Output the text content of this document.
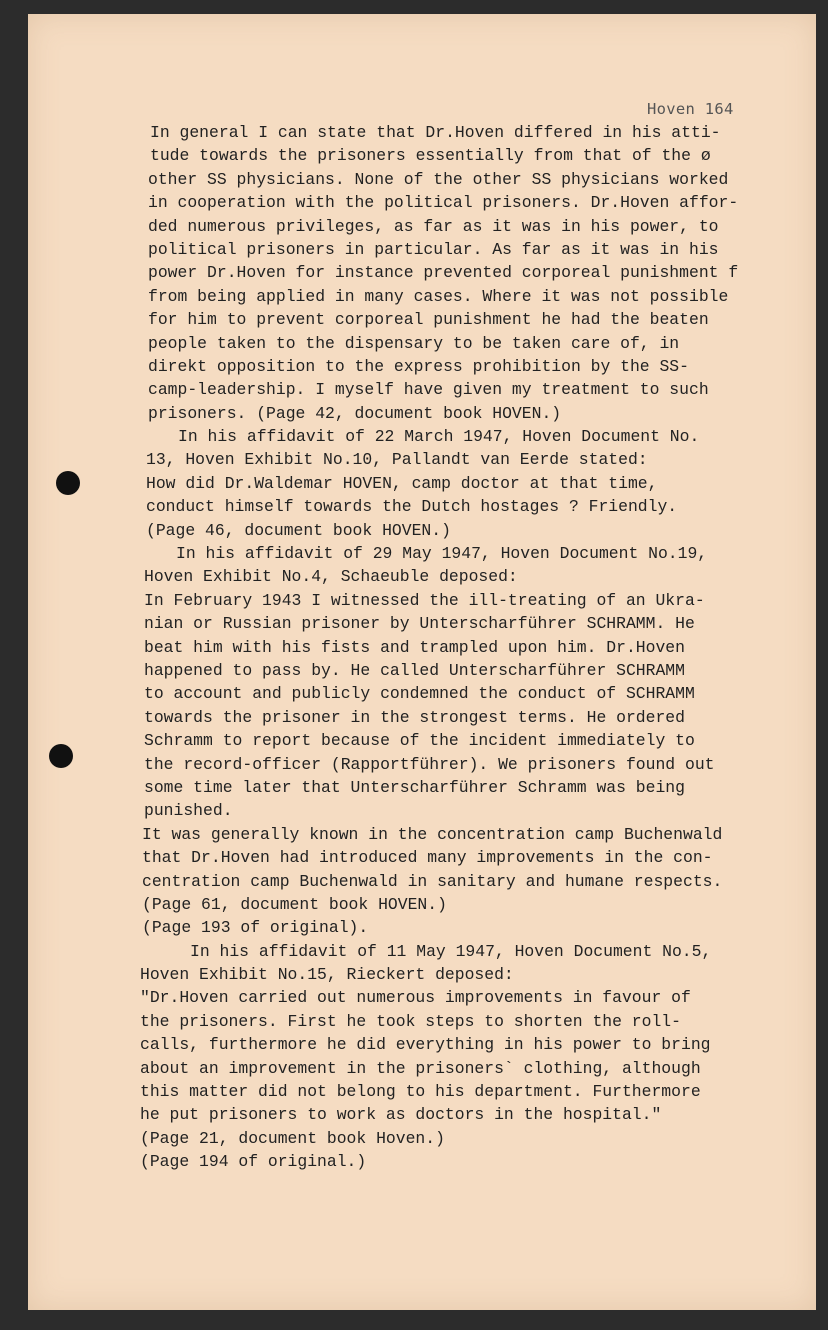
Hoven 164
In general I can state that Dr.Hoven differed in his atti-
tude towards the prisoners essentially from that of the ø
other SS physicians. None of the other SS physicians worked
in cooperation with the political prisoners. Dr.Hoven affor-
ded numerous privileges, as far as it was in his power, to
political prisoners in particular. As far as it was in his
power Dr.Hoven for instance prevented corporeal punishment f
from being applied in many cases. Where it was not possible
for him to prevent corporeal punishment he had the beaten
people taken to the dispensary to be taken care of, in
direkt opposition to the express prohibition by the SS-
camp-leadership. I myself have given my treatment to such
prisoners. (Page 42, document book HOVEN.)
In his affidavit of 22 March 1947, Hoven Document No.
13, Hoven Exhibit No.10, Pallandt van Eerde stated:
How did Dr.Waldemar HOVEN, camp doctor at that time,
conduct himself towards the Dutch hostages ? Friendly.
(Page 46, document book HOVEN.)
In his affidavit of 29 May 1947, Hoven Document No.19,
Hoven Exhibit No.4, Schaeuble deposed:
In February 1943 I witnessed the ill-treating of an Ukra-
nian or Russian prisoner by Unterscharführer SCHRAMM. He
beat him with his fists and trampled upon him. Dr.Hoven
happened to pass by. He called Unterscharführer SCHRAMM
to account and publicly condemned the conduct of SCHRAMM
towards the prisoner in the strongest terms. He ordered
Schramm to report because of the incident immediately to
the record-officer (Rapportführer). We prisoners found out
some time later that Unterscharführer Schramm was being
punished.
It was generally known in the concentration camp Buchenwald
that Dr.Hoven had introduced many improvements in the con-
centration camp Buchenwald in sanitary and humane respects.
(Page 61, document book HOVEN.)
(Page 193 of original).
In his affidavit of 11 May 1947, Hoven Document No.5,
Hoven Exhibit No.15, Rieckert deposed:
"Dr.Hoven carried out numerous improvements in favour of
the prisoners. First he took steps to shorten the roll-
calls, furthermore he did everything in his power to bring
about an improvement in the prisoners` clothing, although
this matter did not belong to his department. Furthermore
he put prisoners to work as doctors in the hospital."
(Page 21, document book Hoven.)
(Page 194 of original.)
